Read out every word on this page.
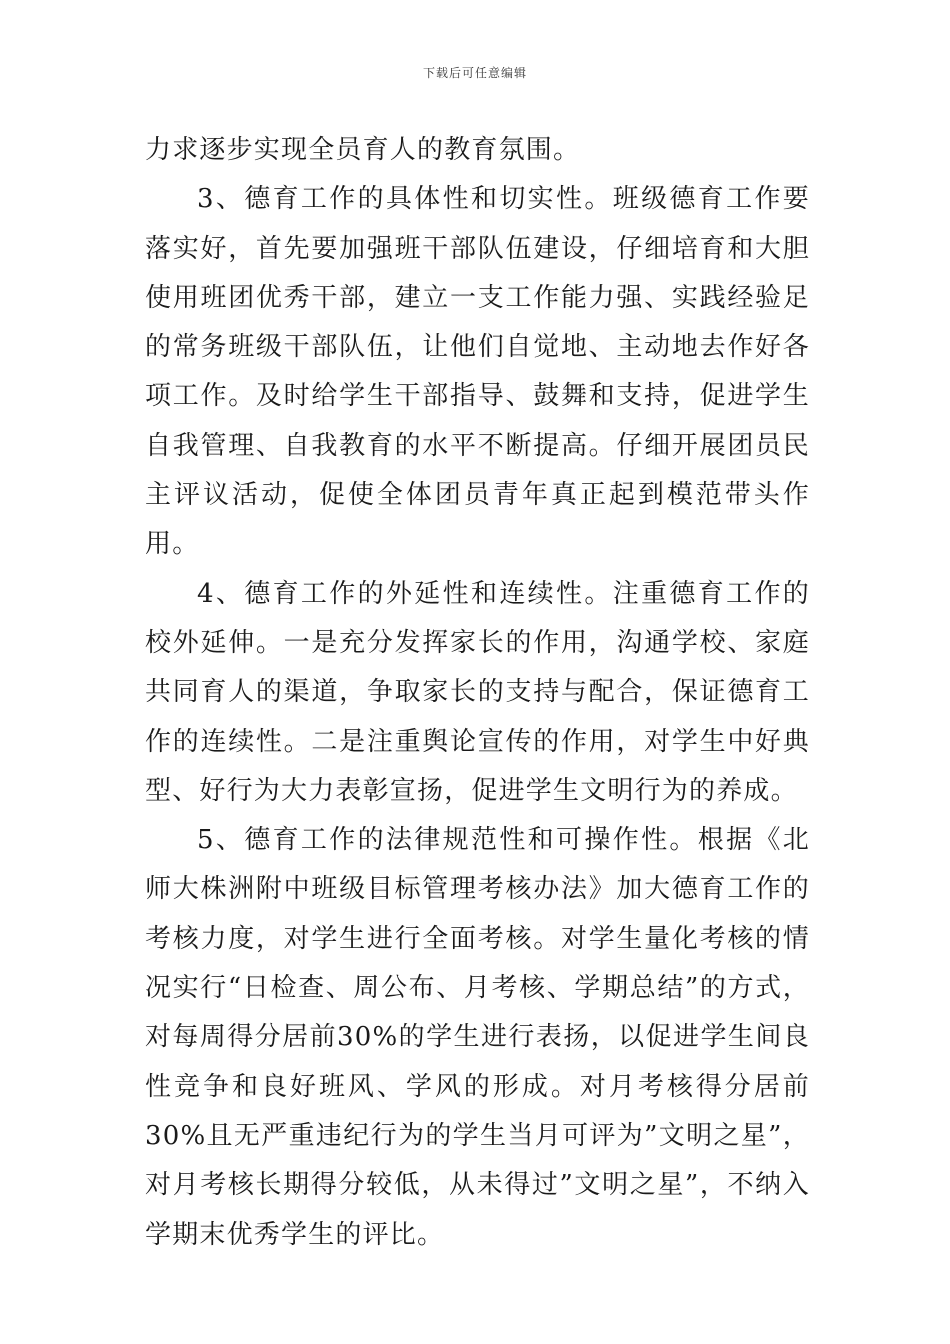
下载后可任意编辑

力求逐步实现全员育人的教育氛围。

3、德育工作的具体性和切实性。班级德育工作要落实好，首先要加强班干部队伍建设，仔细培育和大胆使用班团优秀干部，建立一支工作能力强、实践经验足的常务班级干部队伍，让他们自觉地、主动地去作好各项工作。及时给学生干部指导、鼓舞和支持，促进学生自我管理、自我教育的水平不断提高。仔细开展团员民主评议活动，促使全体团员青年真正起到模范带头作用。

4、德育工作的外延性和连续性。注重德育工作的校外延伸。一是充分发挥家长的作用，沟通学校、家庭共同育人的渠道，争取家长的支持与配合，保证德育工作的连续性。二是注重舆论宣传的作用，对学生中好典型、好行为大力表彰宣扬，促进学生文明行为的养成。

5、德育工作的法律规范性和可操作性。根据《北师大株洲附中班级目标管理考核办法》加大德育工作的考核力度，对学生进行全面考核。对学生量化考核的情况实行“日检查、周公布、月考核、学期总结”的方式，对每周得分居前30%的学生进行表扬，以促进学生间良性竞争和良好班风、学风的形成。对月考核得分居前30%且无严重违纪行为的学生当月可评为”文明之星”，对月考核长期得分较低，从未得过”文明之星”，不纳入学期末优秀学生的评比。
